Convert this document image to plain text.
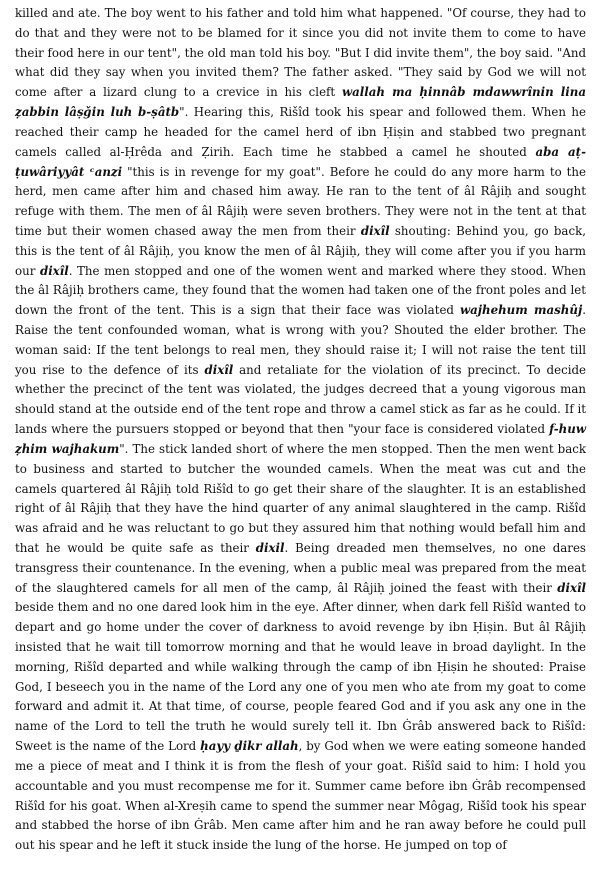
killed and ate. The boy went to his father and told him what happened. "Of course, they had to do that and they were not to be blamed for it since you did not invite them to come to have their food here in our tent", the old man told his boy. "But I did invite them", the boy said. "And what did they say when you invited them? The father asked. "They said by God we will not come after a lizard clung to a crevice in his cleft wallah ma ḥinnâb mdawwrînin lina ẓabbin lâṣǧin luh b-ṣâtb". Hearing this, Rišîd took his spear and followed them. When he reached their camp he headed for the camel herd of ibn Ḥiṣin and stabbed two pregnant camels called al-Ḥrêda and Ẓirih. Each time he stabbed a camel he shouted aba aṭ-ṭuwâriyyât ᶜanzi "this is in revenge for my goat". Before he could do any more harm to the herd, men came after him and chased him away. He ran to the tent of âl Râjiḥ and sought refuge with them. The men of âl Râjiḥ were seven brothers. They were not in the tent at that time but their women chased away the men from their dixîl shouting: Behind you, go back, this is the tent of âl Râjiḥ, you know the men of âl Râjiḥ, they will come after you if you harm our dixîl. The men stopped and one of the women went and marked where they stood. When the âl Râjiḥ brothers came, they found that the women had taken one of the front poles and let down the front of the tent. This is a sign that their face was violated wajhehum mashûj. Raise the tent confounded woman, what is wrong with you? Shouted the elder brother. The woman said: If the tent belongs to real men, they should raise it; I will not raise the tent till you rise to the defence of its dixîl and retaliate for the violation of its precinct. To decide whether the precinct of the tent was violated, the judges decreed that a young vigorous man should stand at the outside end of the tent rope and throw a camel stick as far as he could. If it lands where the pursuers stopped or beyond that then "your face is considered violated f-huw ẓhim wajhakum". The stick landed short of where the men stopped. Then the men went back to business and started to butcher the wounded camels. When the meat was cut and the camels quartered âl Râjiḥ told Rišîd to go get their share of the slaughter. It is an established right of âl Râjiḥ that they have the hind quarter of any animal slaughtered in the camp. Rišîd was afraid and he was reluctant to go but they assured him that nothing would befall him and that he would be quite safe as their dixil. Being dreaded men themselves, no one dares transgress their countenance. In the evening, when a public meal was prepared from the meat of the slaughtered camels for all men of the camp, âl Râjiḥ joined the feast with their dixîl beside them and no one dared look him in the eye. After dinner, when dark fell Rišîd wanted to depart and go home under the cover of darkness to avoid revenge by ibn Ḥiṣin. But âl Râjiḥ insisted that he wait till tomorrow morning and that he would leave in broad daylight. In the morning, Rišîd departed and while walking through the camp of ibn Ḥiṣin he shouted: Praise God, I beseech you in the name of the Lord any one of you men who ate from my goat to come forward and admit it. At that time, of course, people feared God and if you ask any one in the name of the Lord to tell the truth he would surely tell it. Ibn Ġrâb answered back to Rišîd: Sweet is the name of the Lord ḥayy ḏikr allah, by God when we were eating someone handed me a piece of meat and I think it is from the flesh of your goat. Rišîd said to him: I hold you accountable and you must recompense me for it. Summer came before ibn Ġrâb recompensed Rišîd for his goat. When al-Xreṣih came to spend the summer near Môgag, Rišîd took his spear and stabbed the horse of ibn Ġrâb. Men came after him and he ran away before he could pull out his spear and he left it stuck inside the lung of the horse. He jumped on top of
